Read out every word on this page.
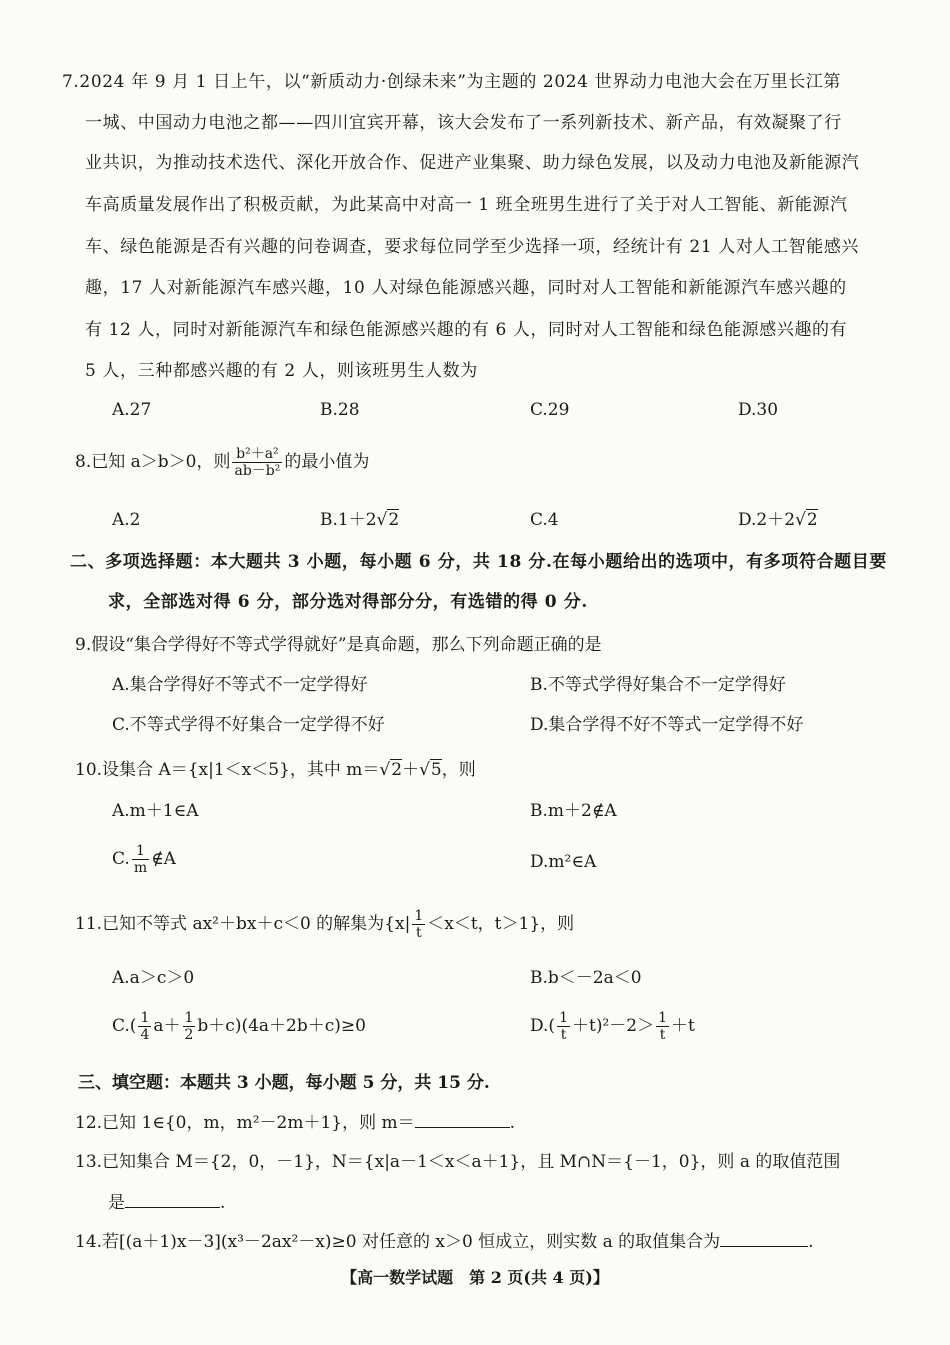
7.2024 年 9 月 1 日上午，以“新质动力·创绿未来”为主题的 2024 世界动力电池大会在万里长江第
一城、中国动力电池之都——四川宜宾开幕，该大会发布了一系列新技术、新产品，有效凝聚了行
业共识，为推动技术迭代、深化开放合作、促进产业集聚、助力绿色发展，以及动力电池及新能源汽
车高质量发展作出了积极贡献，为此某高中对高一 1 班全班男生进行了关于对人工智能、新能源汽
车、绿色能源是否有兴趣的问卷调查，要求每位同学至少选择一项，经统计有 21 人对人工智能感兴
趣，17 人对新能源汽车感兴趣，10 人对绿色能源感兴趣，同时对人工智能和新能源汽车感兴趣的
有 12 人，同时对新能源汽车和绿色能源感兴趣的有 6 人，同时对人工智能和绿色能源感兴趣的有
5 人，三种都感兴趣的有 2 人，则该班男生人数为
A.27	B.28	C.29	D.30
8.已知 a＞b＞0，则 $\frac{\text{b²＋a²}}{\text{ab－b²}}$ 的最小值为
A.2	B.1＋2√2	C.4	D.2＋2√2
二、多项选择题：本大题共 3 小题，每小题 6 分，共 18 分.在每小题给出的选项中，有多项符合题目要
求，全部选对得 6 分，部分选对得部分分，有选错的得 0 分.
9.假设“集合学得好不等式学得就好”是真命题，那么下列命题正确的是
A.集合学得好不等式不一定学得好	B.不等式学得好集合不一定学得好
C.不等式学得不好集合一定学得不好	D.集合学得不好不等式一定学得不好
10.设集合 A＝{x|1＜x＜5}，其中 m＝√2＋√5，则
A.m＋1∈A	B.m＋2∉A
C. $\frac{1}{m}$ ∉A	D.m²∈A
11.已知不等式 ax²＋bx＋c＜0 的解集为{$x| \frac{1}{t} <x<t$，t＞1}，则
A.a＞c＞0	B.b＜－2a＜0
$C.( \frac{1}{4} a+ \frac{1}{2} b+c)(4a+2b+c)\ge 0$	$D.( \frac{1}{t} +t)^2-2> \frac{1}{t} +t$
三、填空题：本题共 3 小题，每小题 5 分，共 15 分.
12.已知 1∈{0，m，m²－2m＋1}，则 m＝	.
13.已知集合 M＝{2，0，－1}，N＝{x|a－1＜x＜a＋1}，且 M∩N＝{－1，0}，则 a 的取值范围
是	.
14.若[(a＋1)x－3](x³－2ax²－x)≥0 对任意的 x＞0 恒成立，则实数 a 的取值集合为	.
【高一数学试题　第 2 页(共 4 页)】
